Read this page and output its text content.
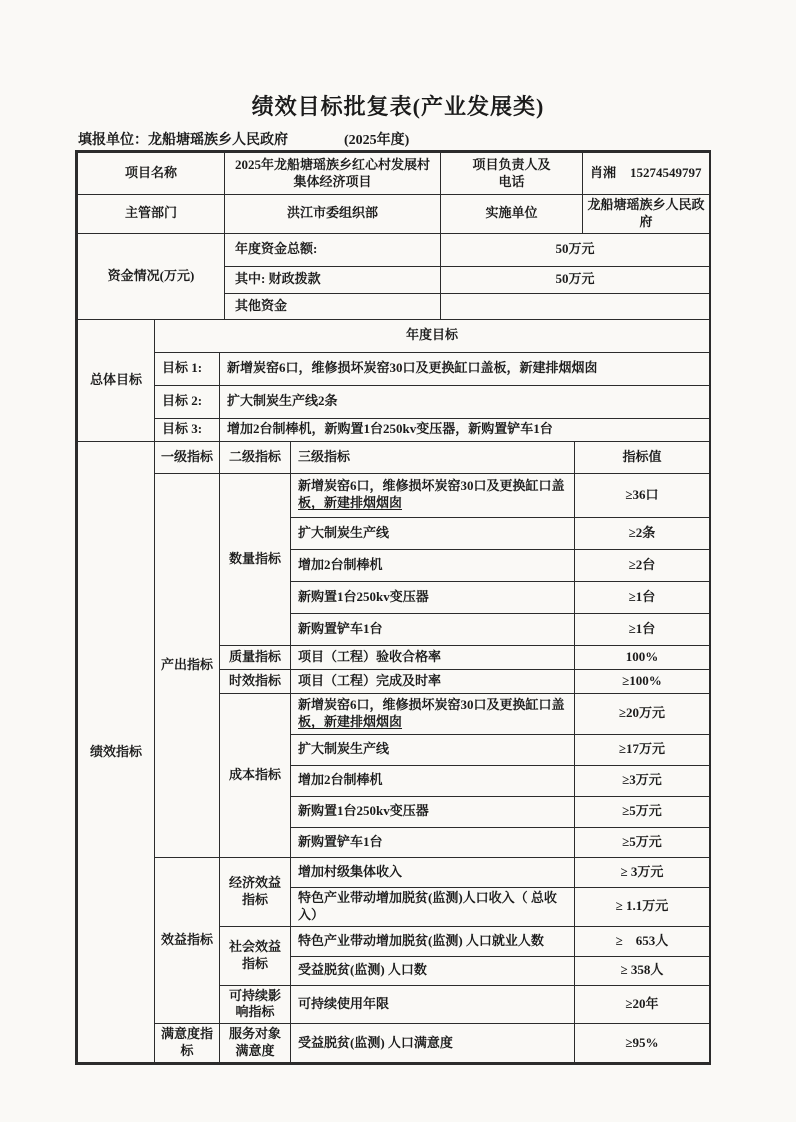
绩效目标批复表(产业发展类)
填报单位：龙船塘瑶族乡人民政府	(2025年度)
项目名称	2025年龙船塘瑶族乡红心村发展村集体经济项目	项目负责人及电话	肖湘 15274549797
主管部门	洪江市委组织部	实施单位	龙船塘瑶族乡人民政府
资金情况(万元)	年度资金总额:	50万元
	其中: 财政拨款	50万元
	其他资金	
总体目标	年度目标	
	目标 1:	新增炭窑6口，维修损坏炭窑30口及更换缸口盖板，新建排烟烟囱
	目标 2:	扩大制炭生产线2条
	目标 3:	增加2台制棒机，新购置1台250kv变压器，新购置铲车1台
绩效指标	一级指标	二级指标	三级指标	指标值
	产出指标	数量指标	新增炭窑6口，维修损坏炭窑30口及更换缸口盖板，新建排烟烟囱	≥36口
			扩大制炭生产线	≥2条
			增加2台制棒机	≥2台
			新购置1台250kv变压器	≥1台
			新购置铲车1台	≥1台
		质量指标	项目（工程）验收合格率	100%
		时效指标	项目（工程）完成及时率	≥100%
		成本指标	新增炭窑6口，维修损坏炭窑30口及更换缸口盖板，新建排烟烟囱	≥20万元
			扩大制炭生产线	≥17万元
			增加2台制棒机	≥3万元
			新购置1台250kv变压器	≥5万元
			新购置铲车1台	≥5万元
	效益指标	经济效益指标	增加村级集体收入	≥ 3万元
			特色产业带动增加脱贫(监测)人口收入（ 总收入）	≥ 1.1万元
		社会效益指标	特色产业带动增加脱贫(监测) 人口就业人数	≥　653人
			受益脱贫(监测) 人口数	≥ 358人
		可持续影响指标	可持续使用年限	≥20年
	满意度指标	服务对象满意度	受益脱贫(监测) 人口满意度	≥95%
